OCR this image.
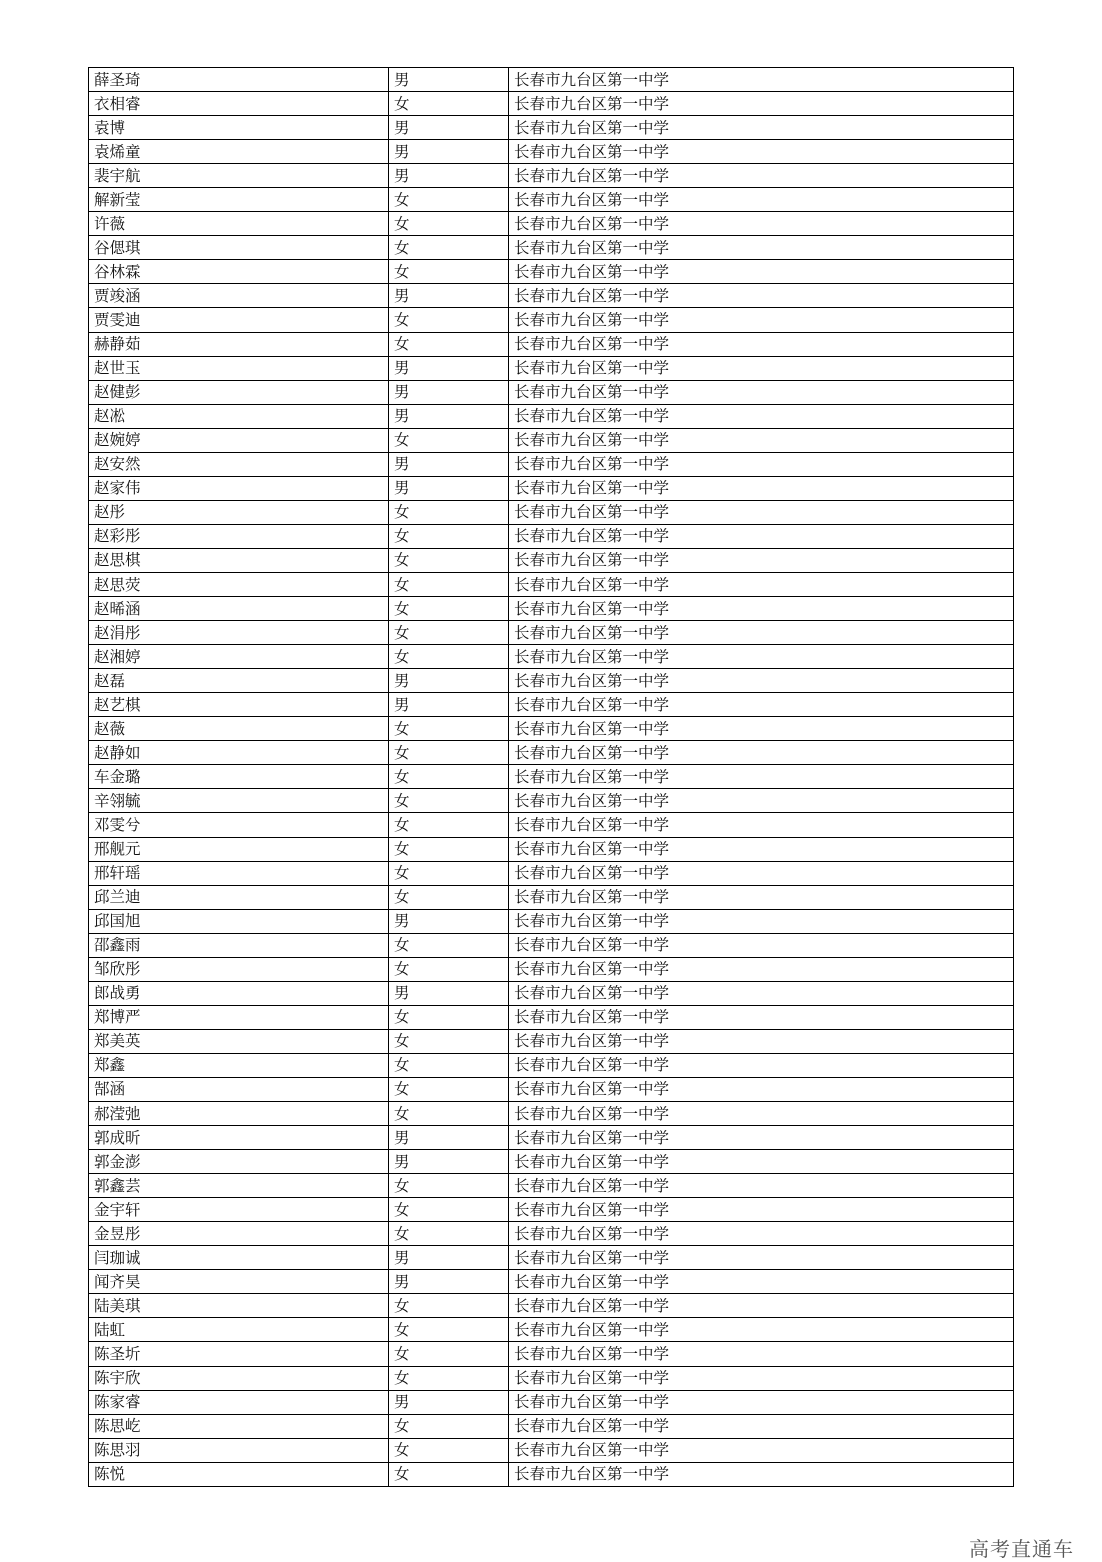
薛圣琦	男	长春市九台区第一中学
衣相睿	女	长春市九台区第一中学
袁博	男	长春市九台区第一中学
袁烯童	男	长春市九台区第一中学
裴宇航	男	长春市九台区第一中学
解新莹	女	长春市九台区第一中学
许薇	女	长春市九台区第一中学
谷偲琪	女	长春市九台区第一中学
谷林霖	女	长春市九台区第一中学
贾竣涵	男	长春市九台区第一中学
贾雯迪	女	长春市九台区第一中学
赫静茹	女	长春市九台区第一中学
赵世玉	男	长春市九台区第一中学
赵健彭	男	长春市九台区第一中学
赵凇	男	长春市九台区第一中学
赵婉婷	女	长春市九台区第一中学
赵安然	男	长春市九台区第一中学
赵家伟	男	长春市九台区第一中学
赵彤	女	长春市九台区第一中学
赵彩彤	女	长春市九台区第一中学
赵思棋	女	长春市九台区第一中学
赵思荧	女	长春市九台区第一中学
赵晞涵	女	长春市九台区第一中学
赵涓彤	女	长春市九台区第一中学
赵湘婷	女	长春市九台区第一中学
赵磊	男	长春市九台区第一中学
赵艺棋	男	长春市九台区第一中学
赵薇	女	长春市九台区第一中学
赵静如	女	长春市九台区第一中学
车金璐	女	长春市九台区第一中学
辛翎毓	女	长春市九台区第一中学
邓雯兮	女	长春市九台区第一中学
邢舰元	女	长春市九台区第一中学
邢轩瑶	女	长春市九台区第一中学
邱兰迪	女	长春市九台区第一中学
邱国旭	男	长春市九台区第一中学
邵鑫雨	女	长春市九台区第一中学
邹欣彤	女	长春市九台区第一中学
郎战勇	男	长春市九台区第一中学
郑博严	女	长春市九台区第一中学
郑美英	女	长春市九台区第一中学
郑鑫	女	长春市九台区第一中学
郜涵	女	长春市九台区第一中学
郝滢弛	女	长春市九台区第一中学
郭成昕	男	长春市九台区第一中学
郭金澎	男	长春市九台区第一中学
郭鑫芸	女	长春市九台区第一中学
金宇轩	女	长春市九台区第一中学
金昱彤	女	长春市九台区第一中学
闫珈诚	男	长春市九台区第一中学
闻齐昊	男	长春市九台区第一中学
陆美琪	女	长春市九台区第一中学
陆虹	女	长春市九台区第一中学
陈圣圻	女	长春市九台区第一中学
陈宇欣	女	长春市九台区第一中学
陈家睿	男	长春市九台区第一中学
陈思屹	女	长春市九台区第一中学
陈思羽	女	长春市九台区第一中学
陈悦	女	长春市九台区第一中学
高考直通车
